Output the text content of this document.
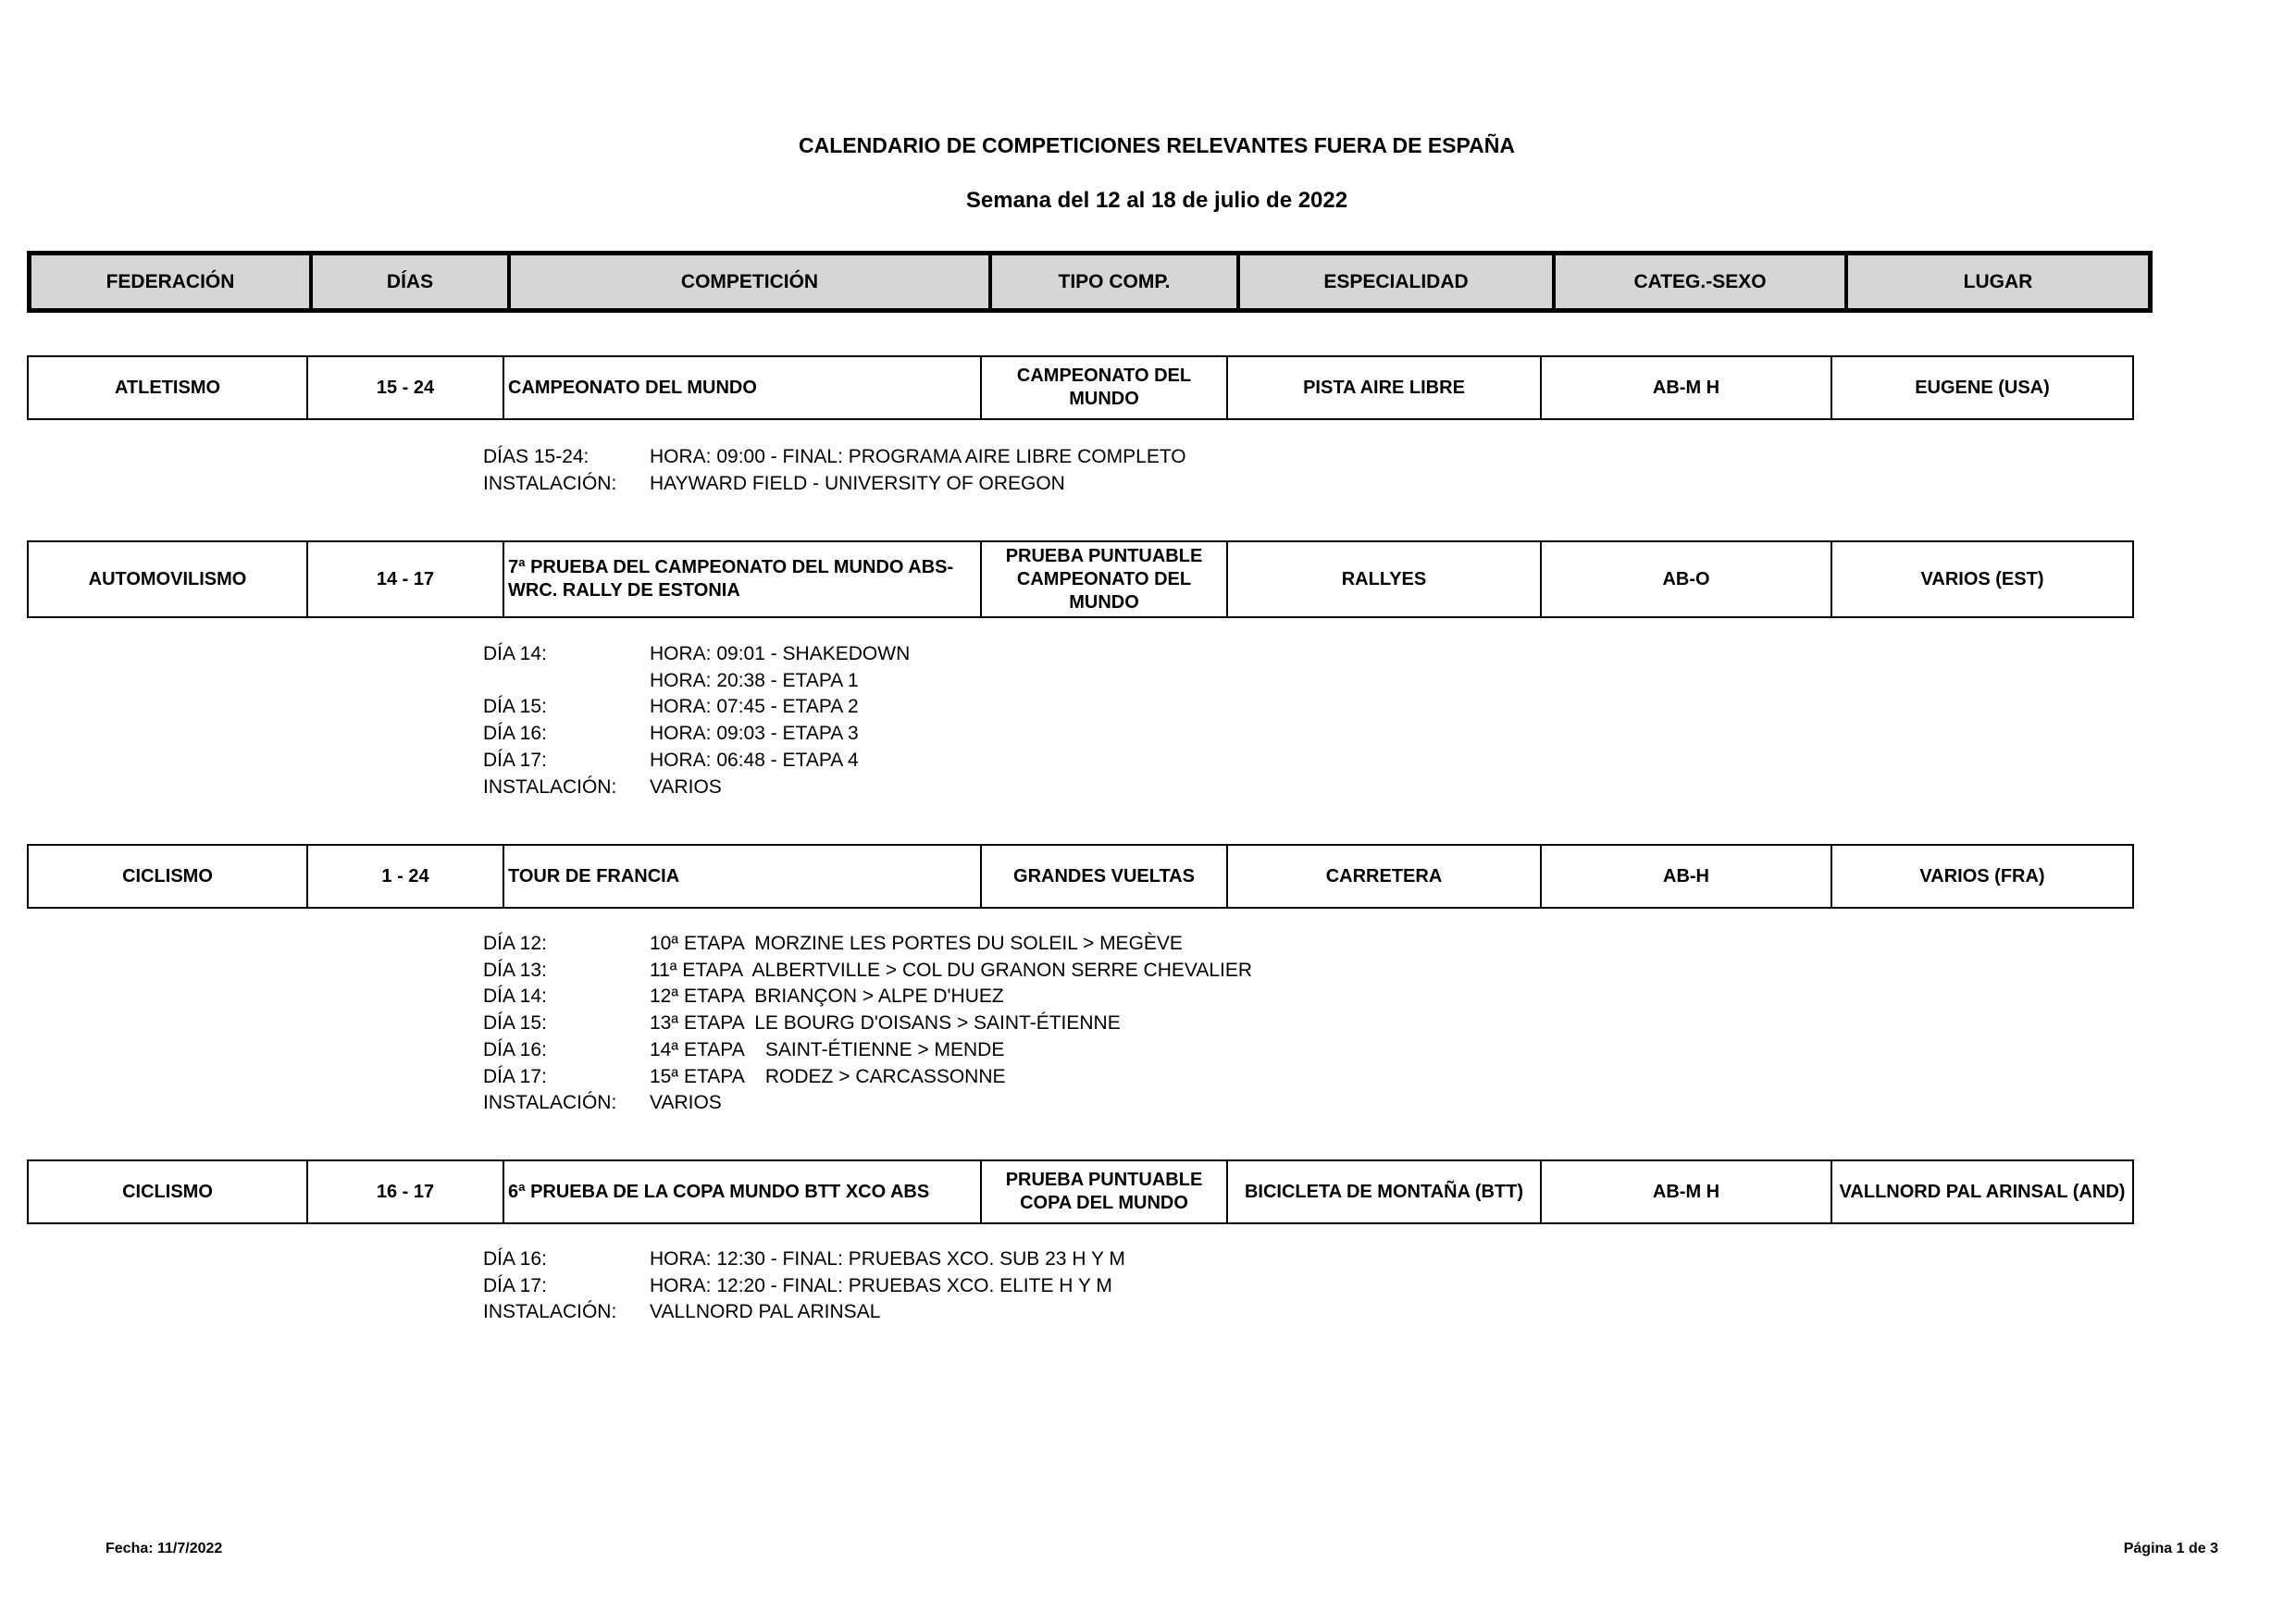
CALENDARIO DE COMPETICIONES RELEVANTES FUERA DE ESPAÑA
Semana del 12 al 18 de julio de 2022
FEDERACIÓN	DÍAS	COMPETICIÓN	TIPO COMP.	ESPECIALIDAD	CATEG.-SEXO	LUGAR
ATLETISMO	15 - 24	CAMPEONATO DEL MUNDO	CAMPEONATO DEL MUNDO	PISTA AIRE LIBRE	AB-M H	EUGENE (USA)
DÍAS 15-24:	HORA: 09:00 - FINAL: PROGRAMA AIRE LIBRE COMPLETO
INSTALACIÓN:	HAYWARD FIELD - UNIVERSITY OF OREGON
AUTOMOVILISMO	14 - 17	7ª PRUEBA DEL CAMPEONATO DEL MUNDO ABS- WRC. RALLY DE ESTONIA	PRUEBA PUNTUABLE CAMPEONATO DEL MUNDO	RALLYES	AB-O	VARIOS (EST)
DÍA 14:	HORA: 09:01 - SHAKEDOWN
HORA: 20:38 - ETAPA 1
DÍA 15:	HORA: 07:45 - ETAPA 2
DÍA 16:	HORA: 09:03 - ETAPA 3
DÍA 17:	HORA: 06:48 - ETAPA 4
INSTALACIÓN:	VARIOS
CICLISMO	1 - 24	TOUR DE FRANCIA	GRANDES VUELTAS	CARRETERA	AB-H	VARIOS (FRA)
DÍA 12:	10ª ETAPA  MORZINE LES PORTES DU SOLEIL > MEGÈVE
DÍA 13:	11ª ETAPA  ALBERTVILLE > COL DU GRANON SERRE CHEVALIER
DÍA 14:	12ª ETAPA  BRIANÇON > ALPE D'HUEZ
DÍA 15:	13ª ETAPA  LE BOURG D'OISANS > SAINT-ÉTIENNE
DÍA 16:	14ª ETAPA    SAINT-ÉTIENNE > MENDE
DÍA 17:	15ª ETAPA    RODEZ > CARCASSONNE
INSTALACIÓN:	VARIOS
CICLISMO	16 - 17	6ª PRUEBA DE LA COPA MUNDO BTT XCO ABS	PRUEBA PUNTUABLE COPA DEL MUNDO	BICICLETA DE MONTAÑA (BTT)	AB-M H	VALLNORD PAL ARINSAL (AND)
DÍA 16:	HORA: 12:30 - FINAL: PRUEBAS XCO. SUB 23 H Y M
DÍA 17:	HORA: 12:20 - FINAL: PRUEBAS XCO. ELITE H Y M
INSTALACIÓN:	VALLNORD PAL ARINSAL
Fecha: 11/7/2022	Página 1 de 3
